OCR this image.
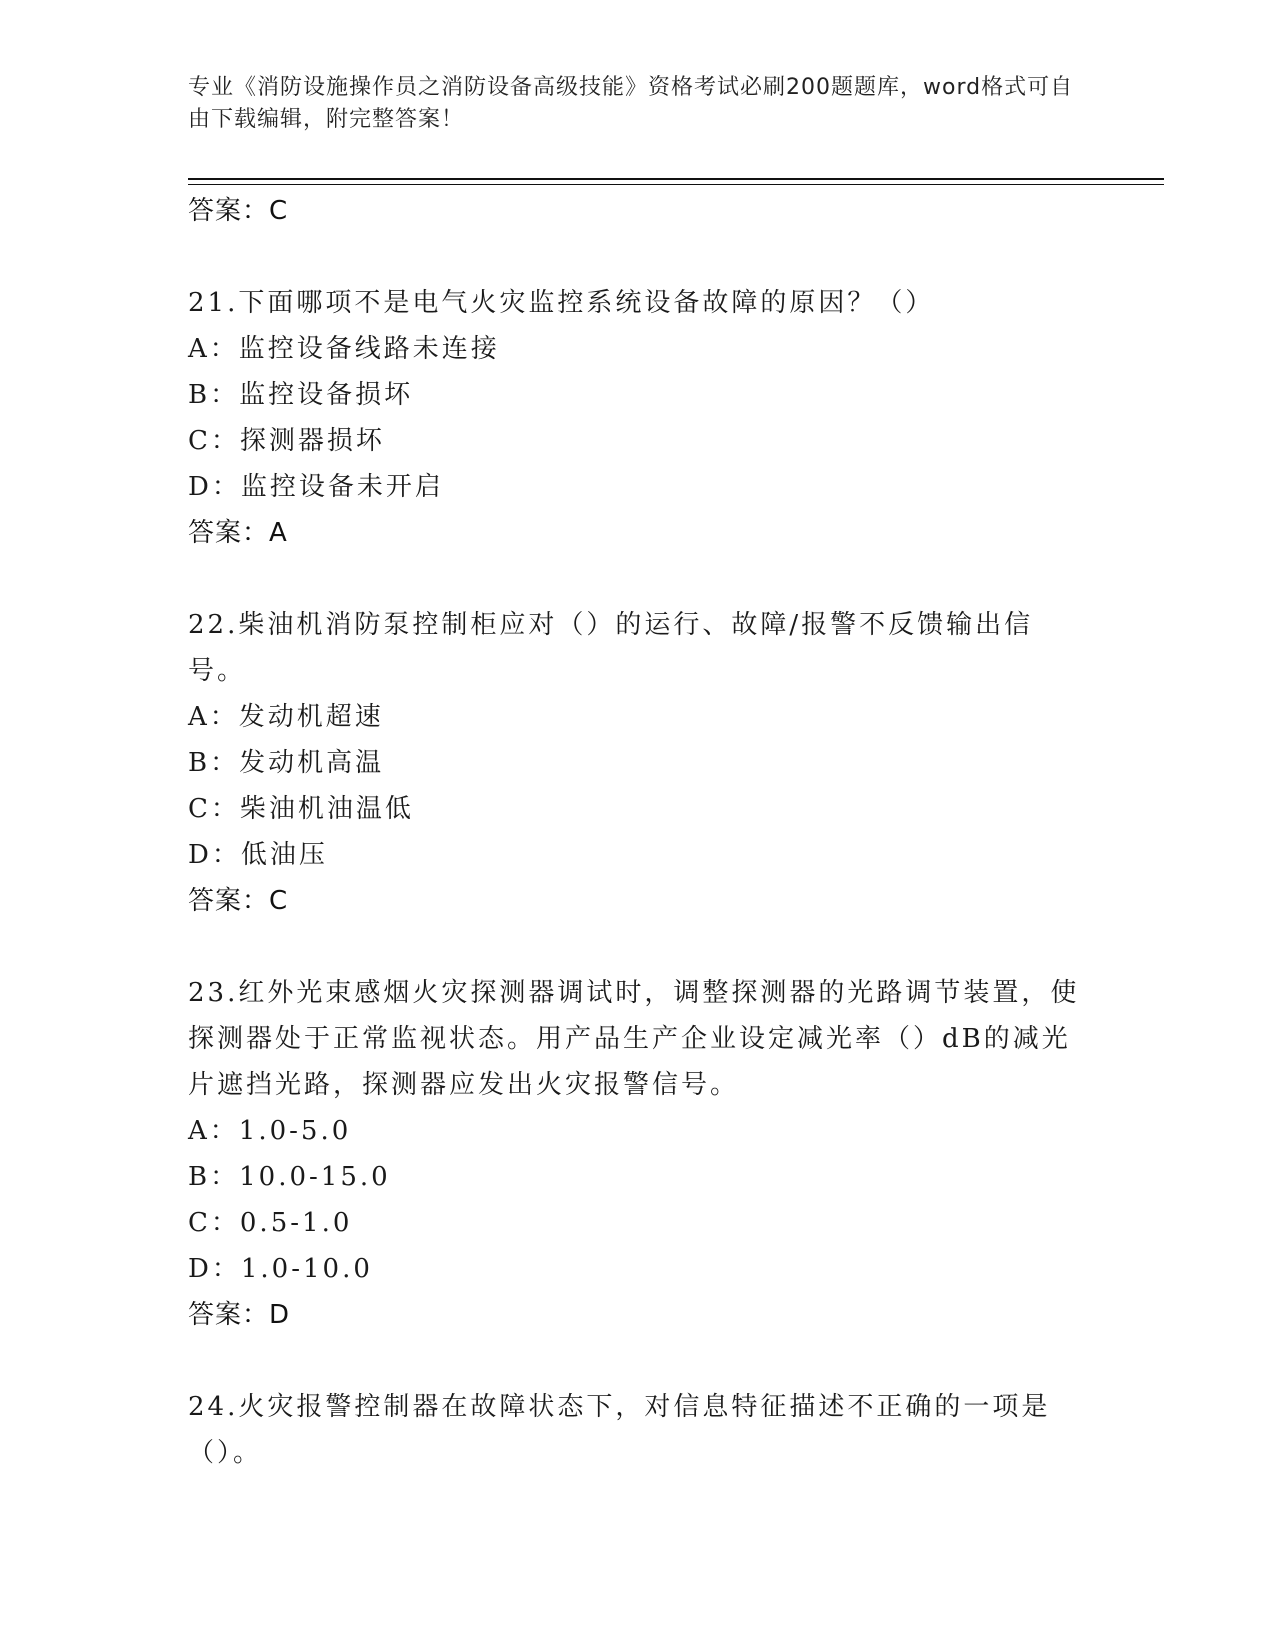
专业《消防设施操作员之消防设备高级技能》资格考试必刷200题题库，word格式可自由下载编辑，附完整答案！
答案：C
21.下面哪项不是电气火灾监控系统设备故障的原因？（）
A：监控设备线路未连接
B：监控设备损坏
C：探测器损坏
D：监控设备未开启
答案：A
22.柴油机消防泵控制柜应对（）的运行、故障/报警不反馈输出信号。
A：发动机超速
B：发动机高温
C：柴油机油温低
D：低油压
答案：C
23.红外光束感烟火灾探测器调试时，调整探测器的光路调节装置，使探测器处于正常监视状态。用产品生产企业设定减光率（）dB的减光片遮挡光路，探测器应发出火灾报警信号。
A：1.0-5.0
B：10.0-15.0
C：0.5-1.0
D：1.0-10.0
答案：D
24.火灾报警控制器在故障状态下，对信息特征描述不正确的一项是（）。
